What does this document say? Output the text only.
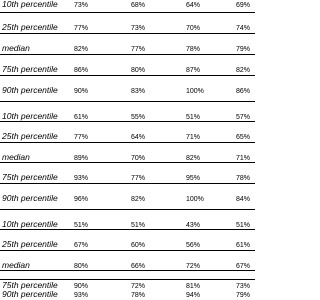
10th percentile 73%	68%	64%	69%
25th percentile 77%	73%	70%	74%
median	82%	77%	78%	79%
75th percentile 86%	80%	87%	82%
90th percentile 90%	83%	100%	86%
10th percentile 61%	55%	51%	57%
25th percentile 77%	64%	71%	65%
median	89%	70%	82%	71%
75th percentile 93%	77%	95%	78%
90th percentile 96%	82%	100%	84%
10th percentile 51%	51%	43%	51%
25th percentile 67%	60%	56%	61%
median	80%	66%	72%	67%
75th percentile 90%	72%	81%	73%
90th percentile 93%	78%	94%	79%
